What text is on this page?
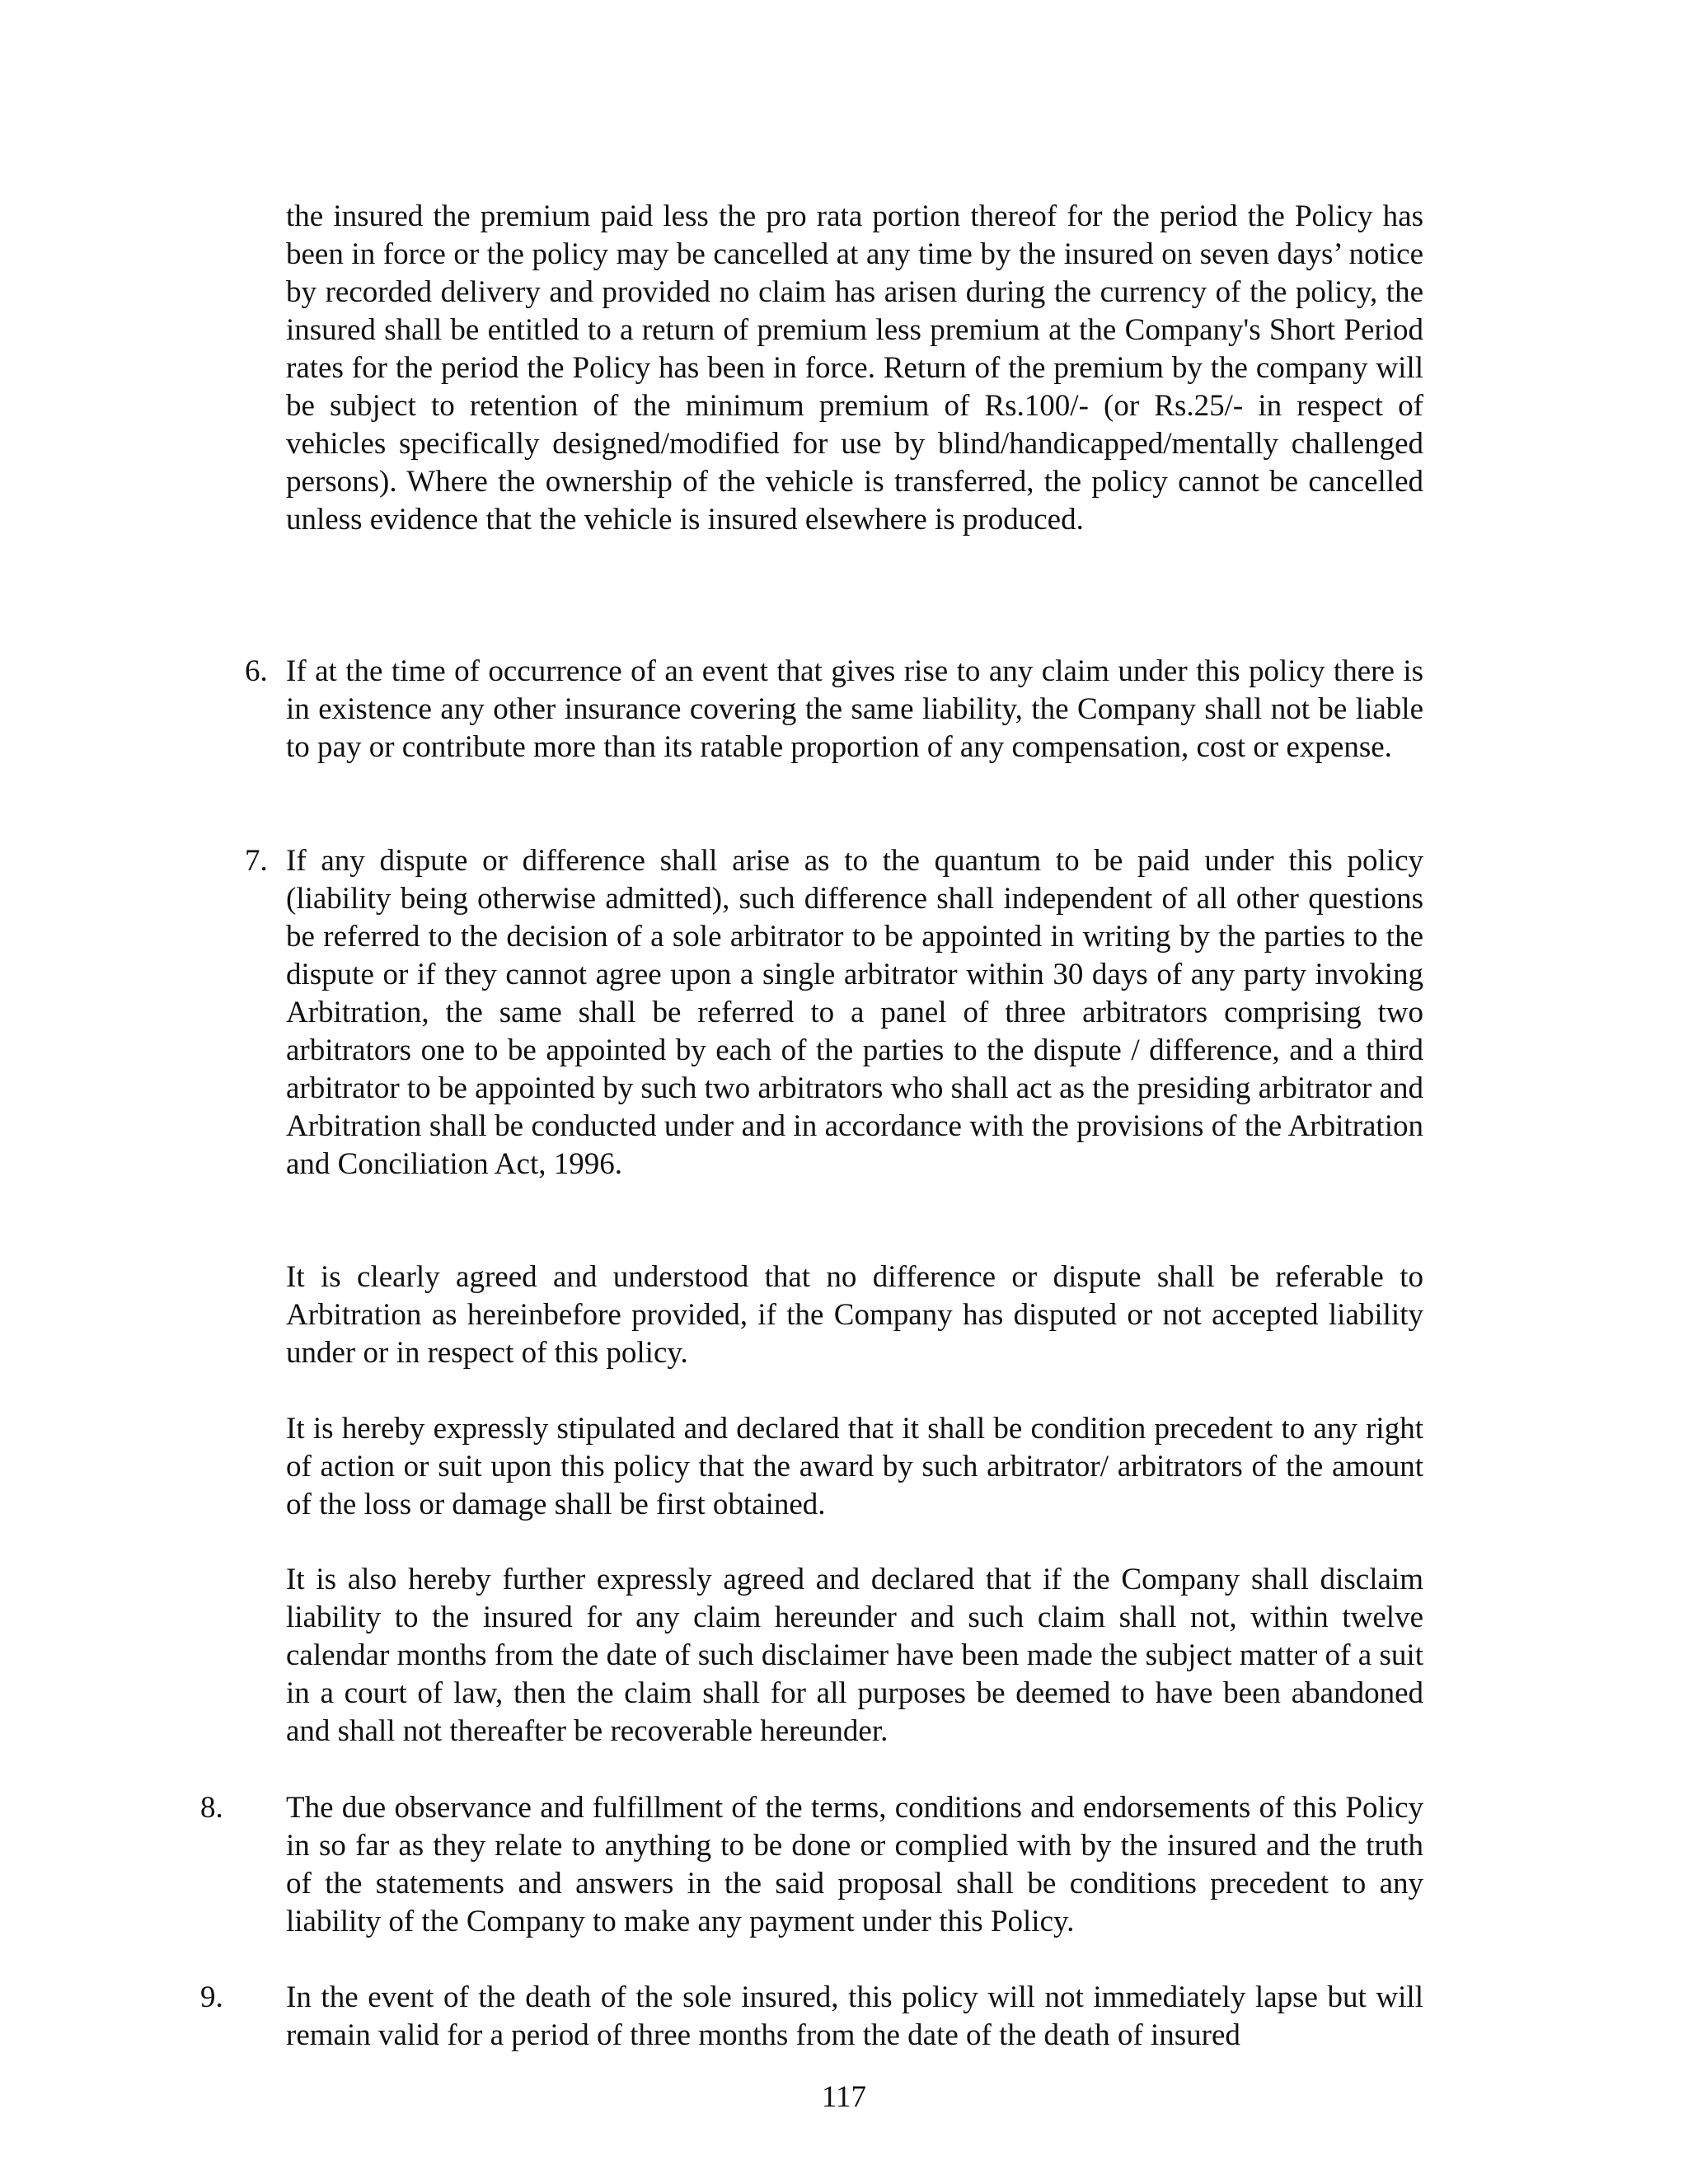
the insured the premium paid less the pro rata portion thereof for the period the Policy has been in force or the policy may be cancelled at any time by the insured on seven days’ notice by recorded delivery and provided no claim has arisen during the currency of the policy, the insured shall be entitled to a return of premium less premium at the Company's Short Period rates for the period the Policy has been in force. Return of the premium by the company will be subject to retention of the minimum premium of Rs.100/- (or Rs.25/- in respect of vehicles specifically designed/modified for use by blind/handicapped/mentally challenged persons). Where the ownership of the vehicle is transferred, the policy cannot be cancelled unless evidence that the vehicle is insured elsewhere is produced.

6. If at the time of occurrence of an event that gives rise to any claim under this policy there is in existence any other insurance covering the same liability, the Company shall not be liable to pay or contribute more than its ratable proportion of any compensation, cost or expense.

7. If any dispute or difference shall arise as to the quantum to be paid under this policy (liability being otherwise admitted), such difference shall independent of all other questions be referred to the decision of a sole arbitrator to be appointed in writing by the parties to the dispute or if they cannot agree upon a single arbitrator within 30 days of any party invoking Arbitration, the same shall be referred to a panel of three arbitrators comprising two arbitrators one to be appointed by each of the parties to the dispute / difference, and a third arbitrator to be appointed by such two arbitrators who shall act as the presiding arbitrator and Arbitration shall be conducted under and in accordance with the provisions of the Arbitration and Conciliation Act, 1996.

It is clearly agreed and understood that no difference or dispute shall be referable to Arbitration as hereinbefore provided, if the Company has disputed or not accepted liability under or in respect of this policy.

It is hereby expressly stipulated and declared that it shall be condition precedent to any right of action or suit upon this policy that the award by such arbitrator/ arbitrators of the amount of the loss or damage shall be first obtained.

It is also hereby further expressly agreed and declared that if the Company shall disclaim liability to the insured for any claim hereunder and such claim shall not, within twelve calendar months from the date of such disclaimer have been made the subject matter of a suit in a court of law, then the claim shall for all purposes be deemed to have been abandoned and shall not thereafter be recoverable hereunder.

8. The due observance and fulfillment of the terms, conditions and endorsements of this Policy in so far as they relate to anything to be done or complied with by the insured and the truth of the statements and answers in the said proposal shall be conditions precedent to any liability of the Company to make any payment under this Policy.

9. In the event of the death of the sole insured, this policy will not immediately lapse but will remain valid for a period of three months from the date of the death of insured

117
